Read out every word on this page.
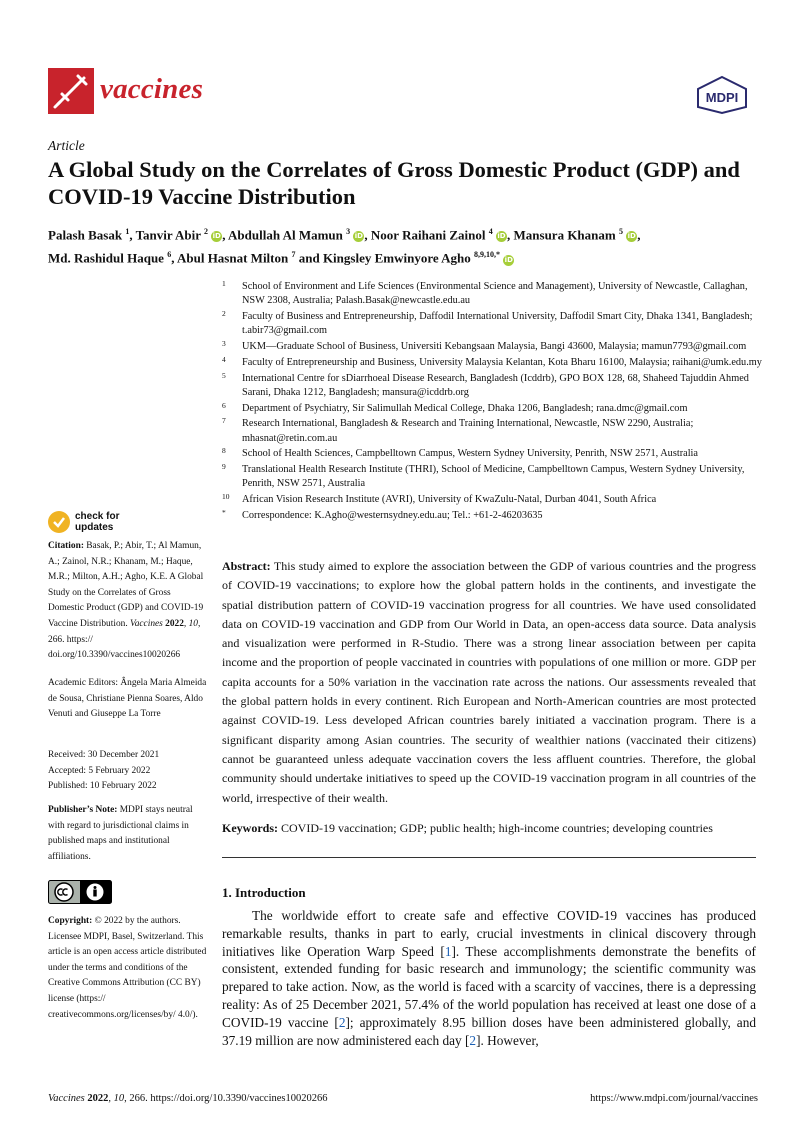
vaccines	MDPI
Article
A Global Study on the Correlates of Gross Domestic Product (GDP) and COVID-19 Vaccine Distribution
Palash Basak $^1$, Tanvir Abir $^2$ iD, Abdullah Al Mamun $^3$ iD, Noor Raihani Zainol $^4$ iD, Mansura Khanam $^5$ iD,
Md. Rashidul Haque $^6$, Abul Hasnat Milton $^7$ and Kingsley Emwinyore Agho $^{8,9,10,*}$ iD
1 School of Environment and Life Sciences (Environmental Science and Management), University of Newcastle, Callaghan, NSW 2308, Australia; Palash.Basak@newcastle.edu.au
2 Faculty of Business and Entrepreneurship, Daffodil International University, Daffodil Smart City, Dhaka 1341, Bangladesh; t.abir73@gmail.com
3 UKM—Graduate School of Business, Universiti Kebangsaan Malaysia, Bangi 43600, Malaysia; mamun7793@gmail.com
4 Faculty of Entrepreneurship and Business, University Malaysia Kelantan, Kota Bharu 16100, Malaysia; raihani@umk.edu.my
5 International Centre for sDiarrhoeal Disease Research, Bangladesh (Icddrb), GPO BOX 128, 68, Shaheed Tajuddin Ahmed Sarani, Dhaka 1212, Bangladesh; mansura@icddrb.org
6 Department of Psychiatry, Sir Salimullah Medical College, Dhaka 1206, Bangladesh; rana.dmc@gmail.com
7 Research International, Bangladesh & Research and Training International, Newcastle, NSW 2290, Australia; mhasnat@retin.com.au
8 School of Health Sciences, Campbelltown Campus, Western Sydney University, Penrith, NSW 2571, Australia
9 Translational Health Research Institute (THRI), School of Medicine, Campbelltown Campus, Western Sydney University, Penrith, NSW 2571, Australia
10 African Vision Research Institute (AVRI), University of KwaZulu-Natal, Durban 4041, South Africa
* Correspondence: K.Agho@westernsydney.edu.au; Tel.: +61-2-46203635
check for
updates
Citation: Basak, P.; Abir, T.; Al Mamun, A.; Zainol, N.R.; Khanam, M.; Haque, M.R.; Milton, A.H.; Agho, K.E. A Global Study on the Correlates of Gross Domestic Product (GDP) and COVID-19 Vaccine Distribution. Vaccines 2022, 10, 266. https:// doi.org/10.3390/vaccines10020266
Academic Editors: Ângela Maria Almeida de Sousa, Christiane Pienna Soares, Aldo Venuti and Giuseppe La Torre
Received: 30 December 2021
Accepted: 5 February 2022
Published: 10 February 2022
Publisher’s Note: MDPI stays neutral with regard to jurisdictional claims in published maps and institutional affiliations.
Copyright: © 2022 by the authors. Licensee MDPI, Basel, Switzerland. This article is an open access article distributed under the terms and conditions of the Creative Commons Attribution (CC BY) license (https:// creativecommons.org/licenses/by/ 4.0/).
Abstract: This study aimed to explore the association between the GDP of various countries and the progress of COVID-19 vaccinations; to explore how the global pattern holds in the continents, and investigate the spatial distribution pattern of COVID-19 vaccination progress for all countries. We have used consolidated data on COVID-19 vaccination and GDP from Our World in Data, an open-access data source. Data analysis and visualization were performed in R-Studio. There was a strong linear association between per capita income and the proportion of people vaccinated in countries with populations of one million or more. GDP per capita accounts for a 50% variation in the vaccination rate across the nations. Our assessments revealed that the global pattern holds in every continent. Rich European and North-American countries are most protected against COVID-19. Less developed African countries barely initiated a vaccination program. There is a significant disparity among Asian countries. The security of wealthier nations (vaccinated their citizens) cannot be guaranteed unless adequate vaccination covers the less affluent countries. Therefore, the global community should undertake initiatives to speed up the COVID-19 vaccination program in all countries of the world, irrespective of their wealth.
Keywords: COVID-19 vaccination; GDP; public health; high-income countries; developing countries
1. Introduction
The worldwide effort to create safe and effective COVID-19 vaccines has produced remarkable results, thanks in part to early, crucial investments in clinical discovery through initiatives like Operation Warp Speed [1]. These accomplishments demonstrate the benefits of consistent, extended funding for basic research and immunology; the scientific community was prepared to take action. Now, as the world is faced with a scarcity of vaccines, there is a depressing reality: As of 25 December 2021, 57.4% of the world population has received at least one dose of a COVID-19 vaccine [2]; approximately 8.95 billion doses have been administered globally, and 37.19 million are now administered each day [2]. However,
Vaccines 2022, 10, 266. https://doi.org/10.3390/vaccines10020266	https://www.mdpi.com/journal/vaccines
